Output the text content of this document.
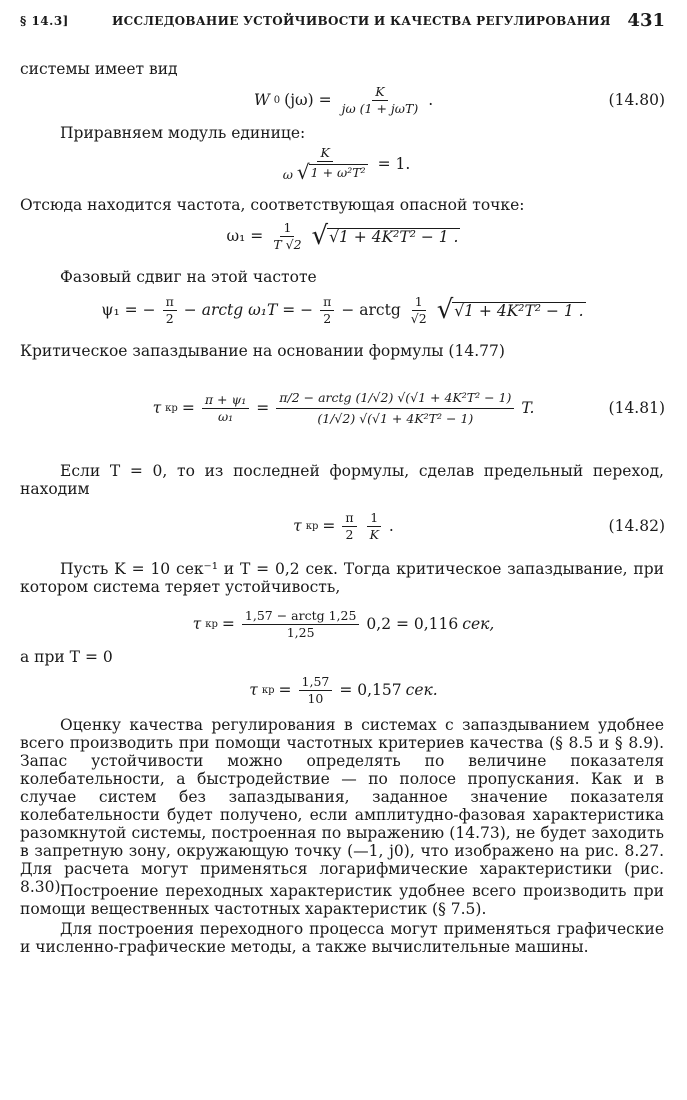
§ 14.3]	ИССЛЕДОВАНИЕ УСТОЙЧИВОСТИ И КАЧЕСТВА РЕГУЛИРОВАНИЯ 431
системы имеет вид
W 0 $(j\omega) = \frac{K}{\text{jω (1 + jωT)}}$ .	(14.80)
Приравняем модуль единице:
$\frac{K}{\text{ω √ 1 + ω²T²}} = 1$.
Отсюда находится частота, соответствующая опасной точке:
$\omega_1 = \frac{1}{T √2}$ √ √1 + 4K²T² − 1 .
Фазовый сдвиг на этой частоте
ψ₁ = − $\frac{\pi}{2}$ − arctg ω₁T = − $\frac{\pi}{2}$ − arctg $\frac{1}{√2}$ √ √1 + 4K²T² − 1 .
Критическое запаздывание на основании формулы (14.77)
τ кр = $\frac{\text{π + ψ₁}}{\text{ω₁}} = \frac{\text{π/2 − arctg (1/√2) √(√1 + 4K²T² − 1)}}{\text{(1/√2) √(√1 + 4K²T² − 1)}} T$.	(14.81)
Если T = 0, то из последней формулы, сделав предельный переход, находим
τ кр = $\frac{\pi}{2} \frac{1}{K}$ .	(14.82)
Пусть K = 10 сек⁻¹ и T = 0,2 сек. Тогда критическое запаздывание, при котором система теряет устойчивость,
τ кр = $\frac{\text{1,57 − arctg 1,25}}{1,25} 0,2 = 0,116$ сек,
а при T = 0
τ кр = $\frac{1,57}{10} = 0,157$ сек.
Оценку качества регулирования в системах с запаздыванием удобнее всего производить при помощи частотных критериев качества (§ 8.5 и § 8.9). Запас устойчивости можно определять по величине показателя колебательности, а быстродействие — по полосе пропускания. Как и в случае систем без запаздывания, заданное значение показателя колебательности будет получено, если амплитудно-фазовая характеристика разомкнутой системы, построенная по выражению (14.73), не будет заходить в запретную зону, окружающую точку (—1, j0), что изображено на рис. 8.27. Для расчета могут применяться логарифмические характеристики (рис. 8.30).
Построение переходных характеристик удобнее всего производить при помощи вещественных частотных характеристик (§ 7.5).
Для построения переходного процесса могут применяться графические и численно-графические методы, а также вычислительные машины.
